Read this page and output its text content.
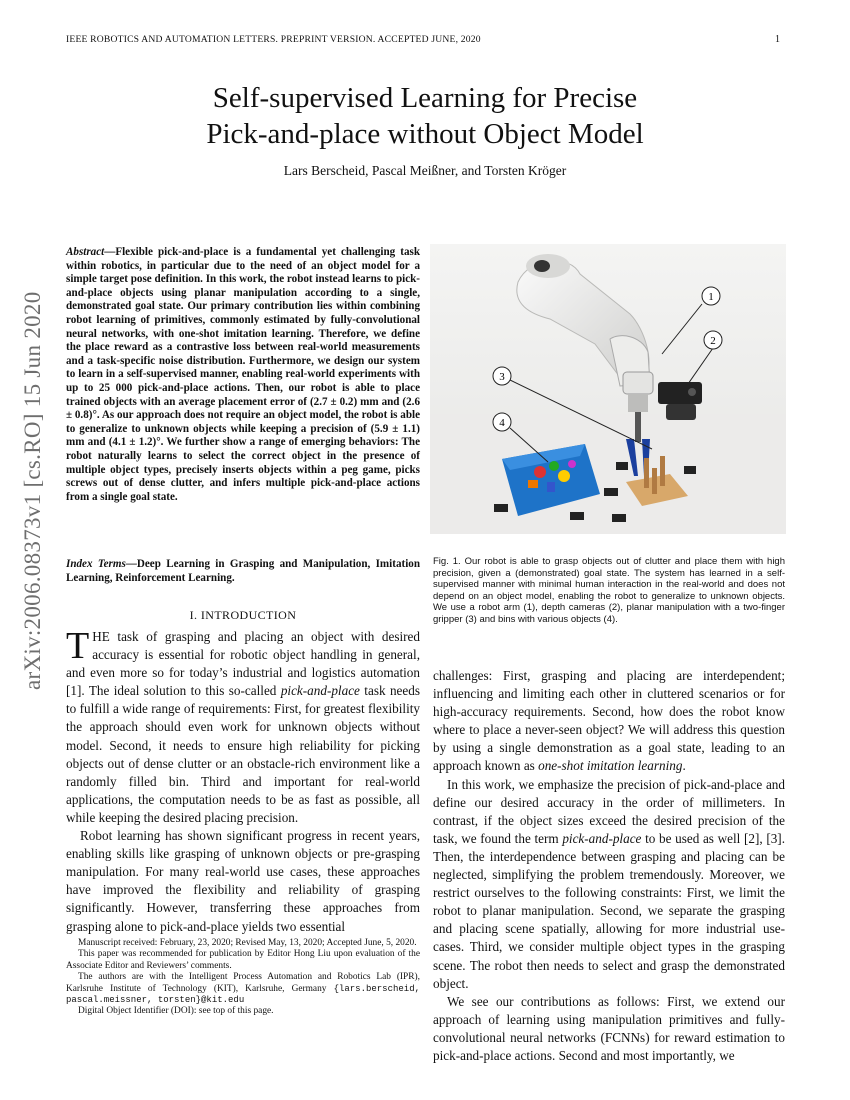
IEEE ROBOTICS AND AUTOMATION LETTERS. PREPRINT VERSION. ACCEPTED JUNE, 2020	1
arXiv:2006.08373v1 [cs.RO] 15 Jun 2020
Self-supervised Learning for Precise
Pick-and-place without Object Model
Lars Berscheid, Pascal Meißner, and Torsten Kröger
Abstract—Flexible pick-and-place is a fundamental yet challenging task within robotics, in particular due to the need of an object model for a simple target pose definition. In this work, the robot instead learns to pick-and-place objects using planar manipulation according to a single, demonstrated goal state. Our primary contribution lies within combining robot learning of primitives, commonly estimated by fully-convolutional neural networks, with one-shot imitation learning. Therefore, we define the place reward as a contrastive loss between real-world measurements and a task-specific noise distribution. Furthermore, we design our system to learn in a self-supervised manner, enabling real-world experiments with up to 25 000 pick-and-place actions. Then, our robot is able to place trained objects with an average placement error of (2.7 ± 0.2) mm and (2.6 ± 0.8)°. As our approach does not require an object model, the robot is able to generalize to unknown objects while keeping a precision of (5.9 ± 1.1) mm and (4.1 ± 1.2)°. We further show a range of emerging behaviors: The robot naturally learns to select the correct object in the presence of multiple object types, precisely inserts objects within a peg game, picks screws out of dense clutter, and infers multiple pick-and-place actions from a single goal state.
Index Terms—Deep Learning in Grasping and Manipulation, Imitation Learning, Reinforcement Learning.
I. INTRODUCTION

THE task of grasping and placing an object with desired accuracy is essential for robotic object handling in general, and even more so for today’s industrial and logistics automation [1]. The ideal solution to this so-called pick-and-place task needs to fulfill a wide range of requirements: First, for greatest flexibility the approach should even work for unknown objects without model. Second, it needs to ensure high reliability for picking objects out of dense clutter or an obstacle-rich environment like a randomly filled bin. Third and important for real-world applications, the computation needs to be as fast as possible, all while keeping the desired placing precision.

Robot learning has shown significant progress in recent years, enabling skills like grasping of unknown objects or pre-grasping manipulation. For many real-world use cases, these approaches have improved the flexibility and reliability of grasping significantly. However, transferring these approaches from grasping alone to pick-and-place yields two essential

Manuscript received: February, 23, 2020; Revised May, 13, 2020; Accepted June, 5, 2020.

This paper was recommended for publication by Editor Hong Liu upon evaluation of the Associate Editor and Reviewers’ comments.

The authors are with the Intelligent Process Automation and Robotics Lab (IPR), Karlsruhe Institute of Technology (KIT), Karlsruhe, Germany {lars.berscheid, pascal.meissner, torsten}@kit.edu

Digital Object Identifier (DOI): see top of this page.

1
2
3
4
Fig. 1. Our robot is able to grasp objects out of clutter and place them with high precision, given a (demonstrated) goal state. The system has learned in a self-supervised manner with minimal human interaction in the real-world and does not depend on an object model, enabling the robot to generalize to unknown objects. We use a robot arm (1), depth cameras (2), planar manipulation with a two-finger gripper (3) and bins with various objects (4).

challenges: First, grasping and placing are interdependent; influencing and limiting each other in cluttered scenarios or for high-accuracy requirements. Second, how does the robot know where to place a never-seen object? We will address this question by using a single demonstration as a goal state, leading to an approach known as one-shot imitation learning.

In this work, we emphasize the precision of pick-and-place and define our desired accuracy in the order of millimeters. In contrast, if the object sizes exceed the desired precision of the task, we found the term pick-and-place to be used as well [2], [3]. Then, the interdependence between grasping and placing can be neglected, simplifying the problem tremendously. Moreover, we restrict ourselves to the following constraints: First, we limit the robot to planar manipulation. Second, we separate the grasping and placing scene spatially, allowing for more industrial use-cases. Third, we consider multiple object types in the grasping scene. The robot then needs to select and grasp the demonstrated object.

We see our contributions as follows: First, we extend our approach of learning using manipulation primitives and fully-convolutional neural networks (FCNNs) for reward estimation to pick-and-place actions. Second and most importantly, we
